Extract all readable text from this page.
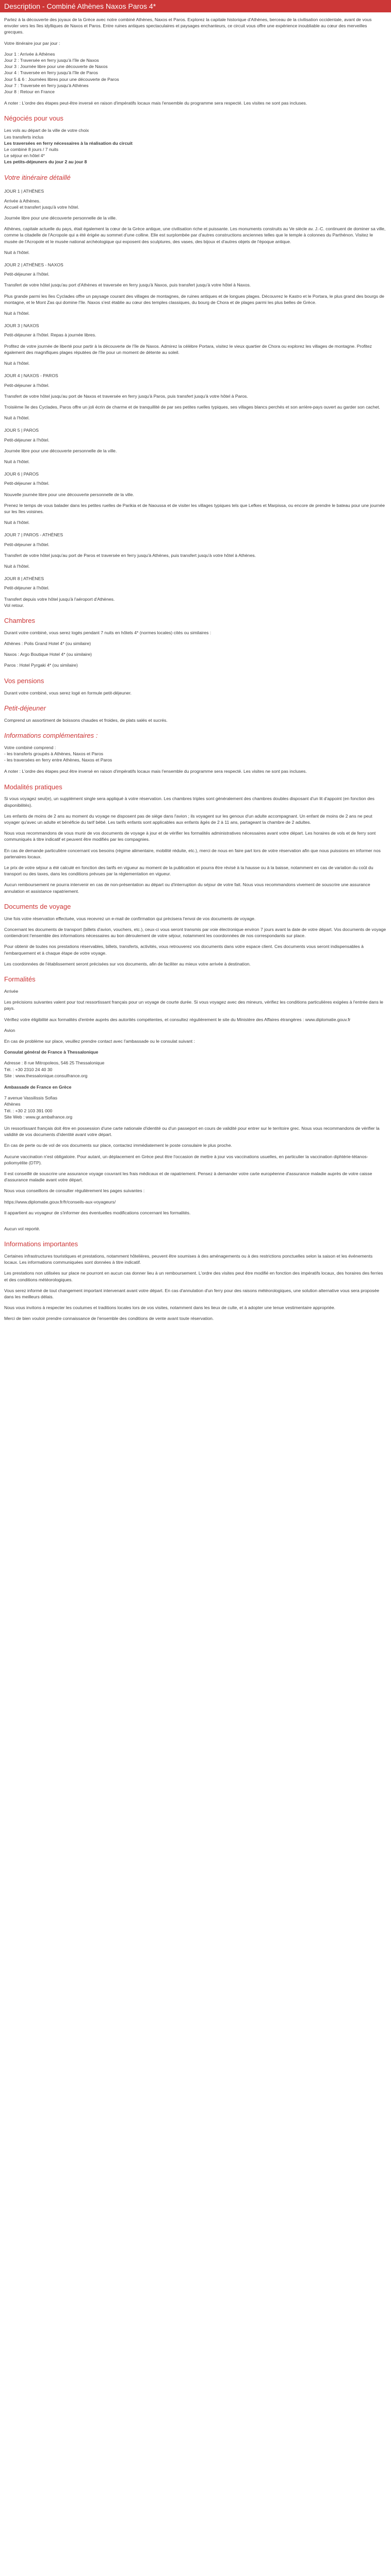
Description - Combiné Athènes Naxos Paros 4*

Partez à la découverte des joyaux de la Grèce avec notre combiné Athènes, Naxos et Paros. Explorez la capitale historique d'Athènes, berceau de la civilisation occidentale, avant de vous envoler vers les îles idylliques de Naxos et Paros. Entre ruines antiques spectaculaires et paysages enchanteurs, ce circuit vous offre une expérience inoubliable au cœur des merveilles grecques.

Votre itinéraire jour par jour :

Jour 1 : Arrivée à Athènes
Jour 2 : Traversée en ferry jusqu'à l'île de Naxos
Jour 3 : Journée libre pour une découverte de Naxos
Jour 4 : Traversée en ferry jusqu'à l'île de Paros
Jour 5 & 6 : Journées libres pour une découverte de Paros
Jour 7 : Traversée en ferry jusqu'à Athènes
Jour 8 : Retour en France

A noter : L'ordre des étapes peut-être inversé en raison d'impératifs locaux mais l'ensemble du programme sera respecté. Les visites ne sont pas incluses.

Négociés pour vous
Les vols au départ de la ville de votre choix
Les transferts inclus
Les traversées en ferry nécessaires à la réalisation du circuit
Le combiné 8 jours / 7 nuits
Le séjour en hôtel 4*
Les petits-déjeuners du jour 2 au jour 8
Votre itinéraire détaillé
JOUR 1 | ATHÈNES

Arrivée à Athènes.
Accueil et transfert jusqu'à votre hôtel.

Journée libre pour une découverte personnelle de la ville.

Athènes, capitale actuelle du pays, était également la cœur de la Grèce antique, une civilisation riche et puissante. Les monuments construits au Ve siècle av. J.-C. continuent de dominer sa ville, comme la citadelle de l'Acropole qui a été érigée au sommet d'une colline. Elle est surplombée par d'autres constructions anciennes telles que le temple à colonnes du Parthénon. Visitez le musée de l'Acropole et le musée national archéologique qui exposent des sculptures, des vases, des bijoux et d'autres objets de l'époque antique.

Nuit à l'hôtel.

JOUR 2 | ATHÈNES - NAXOS

Petit-déjeuner à l'hôtel.

Transfert de votre hôtel jusqu'au port d'Athènes et traversée en ferry jusqu'à Naxos, puis transfert jusqu'à votre hôtel à Naxos.

Plus grande parmi les îles Cyclades offre un paysage courant des villages de montagnes, de ruines antiques et de longues plages. Découvrez le Kastro et le Portara, le plus grand des bourgs de montagne, et le Mont Zas qui domine l'île. Naxos s'est établie au cœur des temples classiques, du bourg de Chora et de plages parmi les plus belles de Grèce.

Nuit à l'hôtel.

JOUR 3 | NAXOS

Petit-déjeuner à l'hôtel. Repas à journée libres.

Profitez de votre journée de liberté pour partir à la découverte de l'île de Naxos. Admirez la célèbre Portara, visitez le vieux quartier de Chora ou explorez les villages de montagne. Profitez également des magnifiques plages réputées de l'île pour un moment de détente au soleil.

Nuit à l'hôtel.

JOUR 4 | NAXOS - PAROS

Petit-déjeuner à l'hôtel.

Transfert de votre hôtel jusqu'au port de Naxos et traversée en ferry jusqu'à Paros, puis transfert jusqu'à votre hôtel à Paros.

Troisième île des Cyclades, Paros offre un joli écrin de charme et de tranquillité de par ses petites ruelles typiques, ses villages blancs perchés et son arrière-pays ouvert au garder son cachet.

Nuit à l'hôtel.

JOUR 5 | PAROS

Petit-déjeuner à l'hôtel.

Journée libre pour une découverte personnelle de la ville.

Nuit à l'hôtel.

JOUR 6 | PAROS

Petit-déjeuner à l'hôtel.

Nouvelle journée libre pour une découverte personnelle de la ville.

Prenez le temps de vous balader dans les petites ruelles de Parikia et de Naoussa et de visiter les villages typiques tels que Lefkes et Marpissa, ou encore de prendre le bateau pour une journée sur les îles voisines.

Nuit à l'hôtel.

JOUR 7 | PAROS - ATHÈNES

Petit-déjeuner à l'hôtel.

Transfert de votre hôtel jusqu'au port de Paros et traversée en ferry jusqu'à Athènes, puis transfert jusqu'à votre hôtel à Athènes.

Nuit à l'hôtel.

JOUR 8 | ATHÈNES

Petit-déjeuner à l'hôtel.

Transfert depuis votre hôtel jusqu'à l'aéroport d'Athènes.
Vol retour.

Chambres

Durant votre combiné, vous serez logés pendant 7 nuits en hôtels 4* (normes locales) cités ou similaires :

Athènes : Polis Grand Hotel 4* (ou similaire)

Naxos : Argo Boutique Hotel 4* (ou similaire)

Paros : Hotel Pyrgaki 4* (ou similaire)

Vos pensions

Durant votre combiné, vous serez logé en formule petit-déjeuner.

Petit-déjeuner

Comprend un assortiment de boissons chaudes et froides, de plats salés et sucrés.

Informations complémentaires :
Votre combiné comprend :
- les transferts groupés à Athènes, Naxos et Paros
- les traversées en ferry entre Athènes, Naxos et Paros

A noter : L'ordre des étapes peut être inversé en raison d'impératifs locaux mais l'ensemble du programme sera respecté. Les visites ne sont pas incluses.

Modalités pratiques

Si vous voyagez seul(e), un supplément single sera appliqué à votre réservation. Les chambres triples sont généralement des chambres doubles disposant d'un lit d'appoint (en fonction des disponibilités).

Les enfants de moins de 2 ans au moment du voyage ne disposent pas de siège dans l'avion ; ils voyagent sur les genoux d'un adulte accompagnant. Un enfant de moins de 2 ans ne peut voyager qu'avec un adulte et bénéficie du tarif bébé. Les tarifs enfants sont applicables aux enfants âgés de 2 à 11 ans, partageant la chambre de 2 adultes.

Nous vous recommandons de vous munir de vos documents de voyage à jour et de vérifier les formalités administratives nécessaires avant votre départ. Les horaires de vols et de ferry sont communiqués à titre indicatif et peuvent être modifiés par les compagnies.

En cas de demande particulière concernant vos besoins (régime alimentaire, mobilité réduite, etc.), merci de nous en faire part lors de votre réservation afin que nous puissions en informer nos partenaires locaux.

Le prix de votre séjour a été calculé en fonction des tarifs en vigueur au moment de la publication et pourra être révisé à la hausse ou à la baisse, notamment en cas de variation du coût du transport ou des taxes, dans les conditions prévues par la réglementation en vigueur.

Aucun remboursement ne pourra intervenir en cas de non-présentation au départ ou d'interruption du séjour de votre fait. Nous vous recommandons vivement de souscrire une assurance annulation et assistance rapatriement.

Documents de voyage

Une fois votre réservation effectuée, vous recevrez un e-mail de confirmation qui précisera l'envoi de vos documents de voyage.

Concernant les documents de transport (billets d'avion, vouchers, etc.), ceux-ci vous seront transmis par voie électronique environ 7 jours avant la date de votre départ. Vos documents de voyage contiendront l'ensemble des informations nécessaires au bon déroulement de votre séjour, notamment les coordonnées de nos correspondants sur place.

Pour obtenir de toutes nos prestations réservables, billets, transferts, activités, vous retrouverez vos documents dans votre espace client. Ces documents vous seront indispensables à l'embarquement et à chaque étape de votre voyage.

Les coordonnées de l'établissement seront précisées sur vos documents, afin de faciliter au mieux votre arrivée à destination.

Formalités

Arrivée

Les précisions suivantes valent pour tout ressortissant français pour un voyage de courte durée. Si vous voyagez avec des mineurs, vérifiez les conditions particulières exigées à l'entrée dans le pays.

Vérifiez votre éligibilité aux formalités d'entrée auprès des autorités compétentes, et consultez régulièrement le site du Ministère des Affaires étrangères : www.diplomatie.gouv.fr

Avion

En cas de problème sur place, veuillez prendre contact avec l'ambassade ou le consulat suivant :

Consulat général de France à Thessalonique

Adresse : 8 rue Mitropoleos, 546 25 Thessalonique
Tél. : +30 2310 24 40 30
Site : www.thessalonique.consulfrance.org

Ambassade de France en Grèce

7 avenue Vassilissis Sofias
Athènes
Tél. : +30 2 103 391 000
Site Web : www.gr.ambafrance.org

Un ressortissant français doit être en possession d'une carte nationale d'identité ou d'un passeport en cours de validité pour entrer sur le territoire grec. Nous vous recommandons de vérifier la validité de vos documents d'identité avant votre départ.

En cas de perte ou de vol de vos documents sur place, contactez immédiatement le poste consulaire le plus proche.

Aucune vaccination n'est obligatoire. Pour autant, un déplacement en Grèce peut être l'occasion de mettre à jour vos vaccinations usuelles, en particulier la vaccination diphtérie-tétanos-poliomyélite (DTP).

Il est conseillé de souscrire une assurance voyage couvrant les frais médicaux et de rapatriement. Pensez à demander votre carte européenne d'assurance maladie auprès de votre caisse d'assurance maladie avant votre départ.

Nous vous conseillons de consulter régulièrement les pages suivantes :

https://www.diplomatie.gouv.fr/fr/conseils-aux-voyageurs/

Il appartient au voyageur de s'informer des éventuelles modifications concernant les formalités.

Aucun vol reporté.

Informations importantes

Certaines infrastructures touristiques et prestations, notamment hôtelières, peuvent être soumises à des aménagements ou à des restrictions ponctuelles selon la saison et les événements locaux. Les informations communiquées sont données à titre indicatif.

Les prestations non utilisées sur place ne pourront en aucun cas donner lieu à un remboursement. L'ordre des visites peut être modifié en fonction des impératifs locaux, des horaires des ferries et des conditions météorologiques.

Vous serez informé de tout changement important intervenant avant votre départ. En cas d'annulation d'un ferry pour des raisons météorologiques, une solution alternative vous sera proposée dans les meilleurs délais.

Nous vous invitons à respecter les coutumes et traditions locales lors de vos visites, notamment dans les lieux de culte, et à adopter une tenue vestimentaire appropriée.

Merci de bien vouloir prendre connaissance de l'ensemble des conditions de vente avant toute réservation.
